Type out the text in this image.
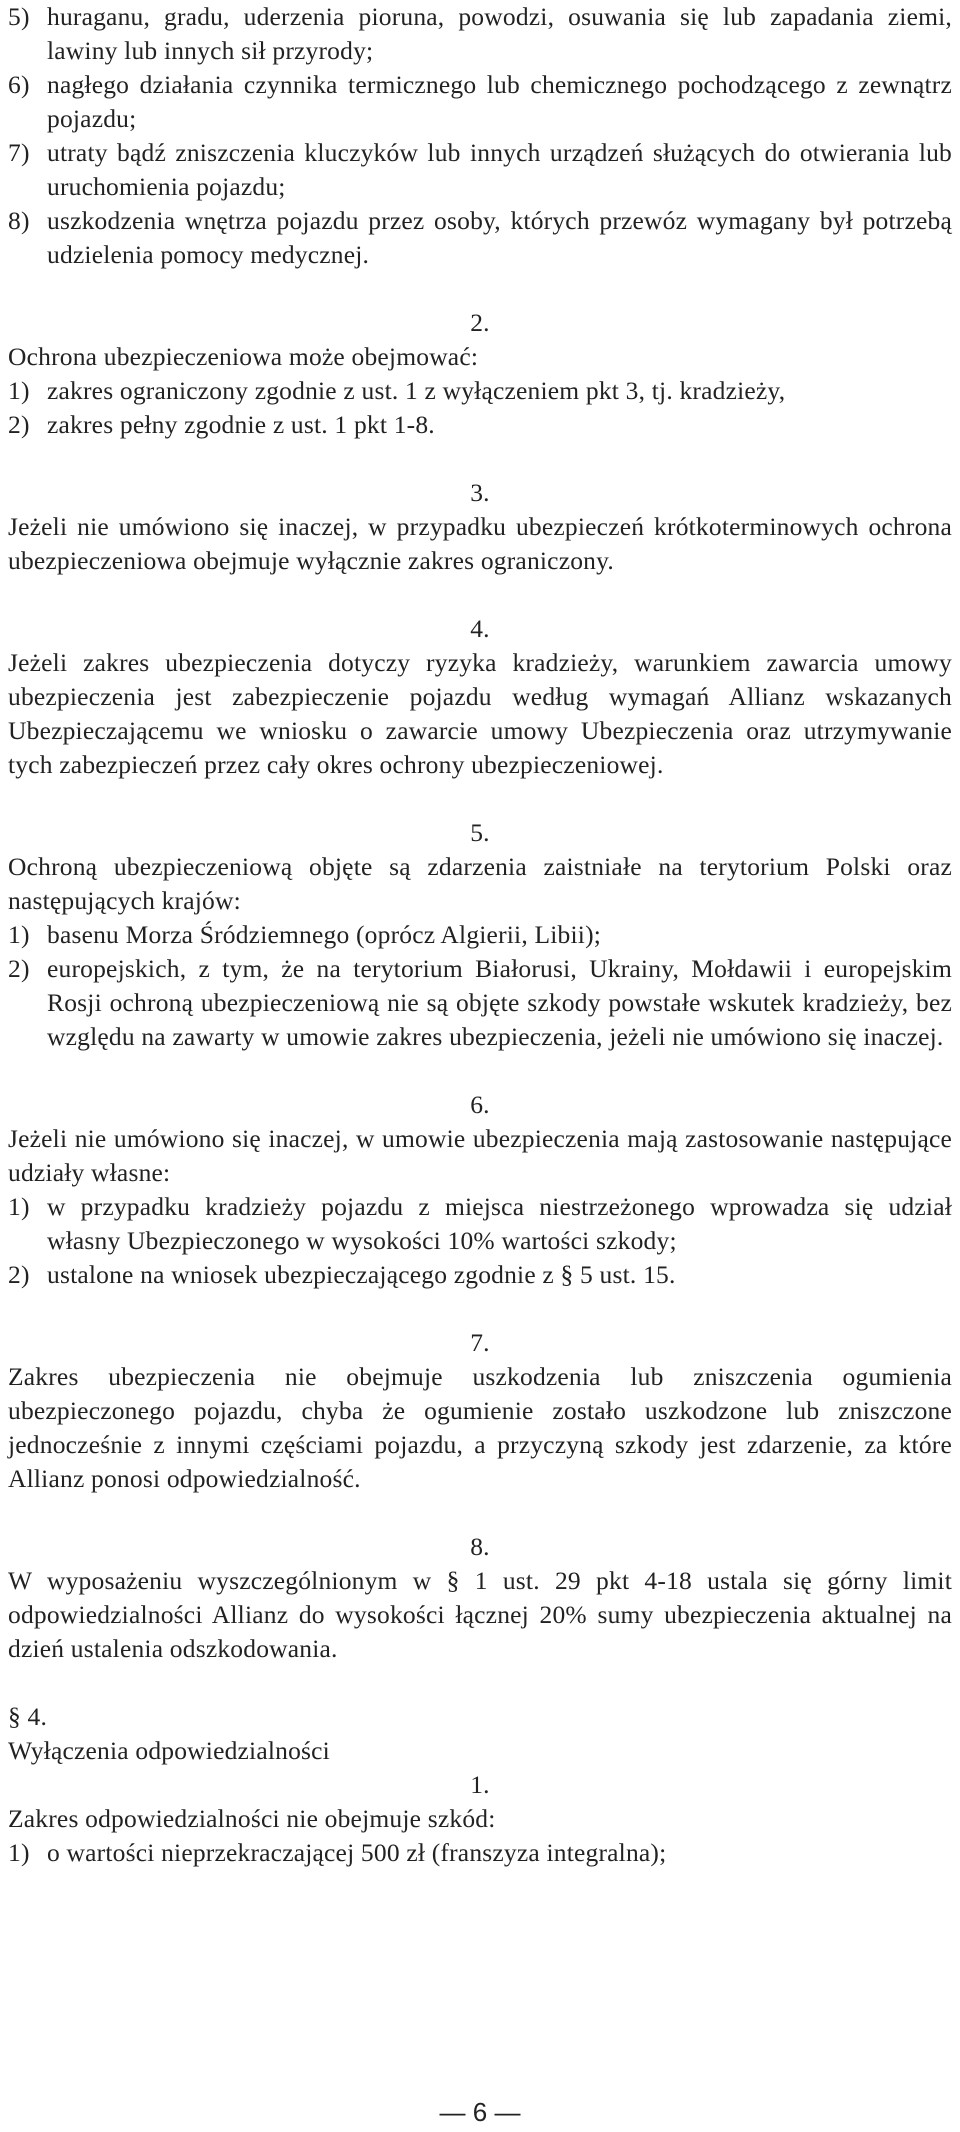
5) huraganu, gradu, uderzenia pioruna, powodzi, osuwania się lub zapadania ziemi, lawiny lub innych sił przyrody;
6) nagłego działania czynnika termicznego lub chemicznego pochodzącego z zewnątrz pojazdu;
7) utraty bądź zniszczenia kluczyków lub innych urządzeń służących do otwierania lub uruchomienia pojazdu;
8) uszkodzenia wnętrza pojazdu przez osoby, których przewóz wymagany był potrzebą udzielenia pomocy medycznej.
2.
Ochrona ubezpieczeniowa może obejmować:
1) zakres ograniczony zgodnie z ust. 1 z wyłączeniem pkt 3, tj. kradzieży,
2) zakres pełny zgodnie z ust. 1 pkt 1-8.
3.
Jeżeli nie umówiono się inaczej, w przypadku ubezpieczeń krótkoterminowych ochrona ubezpieczeniowa obejmuje wyłącznie zakres ograniczony.
4.
Jeżeli zakres ubezpieczenia dotyczy ryzyka kradzieży, warunkiem zawarcia umowy ubezpieczenia jest zabezpieczenie pojazdu według wymagań Allianz wskazanych Ubezpieczającemu we wniosku o zawarcie umowy Ubezpieczenia oraz utrzymywanie tych zabezpieczeń przez cały okres ochrony ubezpieczeniowej.
5.
Ochroną ubezpieczeniową objęte są zdarzenia zaistniałe na terytorium Polski oraz następujących krajów:
1) basenu Morza Śródziemnego (oprócz Algierii, Libii);
2) europejskich, z tym, że na terytorium Białorusi, Ukrainy, Mołdawii i europejskim Rosji ochroną ubezpieczeniową nie są objęte szkody powstałe wskutek kradzieży, bez względu na zawarty w umowie zakres ubezpieczenia, jeżeli nie umówiono się inaczej.
6.
Jeżeli nie umówiono się inaczej, w umowie ubezpieczenia mają zastosowanie następujące udziały własne:
1) w przypadku kradzieży pojazdu z miejsca niestrzeżonego wprowadza się udział własny Ubezpieczonego w wysokości 10% wartości szkody;
2) ustalone na wniosek ubezpieczającego zgodnie z § 5 ust. 15.
7.
Zakres ubezpieczenia nie obejmuje uszkodzenia lub zniszczenia ogumienia ubezpieczonego pojazdu, chyba że ogumienie zostało uszkodzone lub zniszczone jednocześnie z innymi częściami pojazdu, a przyczyną szkody jest zdarzenie, za które Allianz ponosi odpowiedzialność.
8.
W wyposażeniu wyszczególnionym w § 1 ust. 29 pkt 4-18 ustala się górny limit odpowiedzialności Allianz do wysokości łącznej 20% sumy ubezpieczenia aktualnej na dzień ustalenia odszkodowania.
§ 4.
Wyłączenia odpowiedzialności
1.
Zakres odpowiedzialności nie obejmuje szkód:
1) o wartości nieprzekraczającej 500 zł (franszyza integralna);
— 6 —
